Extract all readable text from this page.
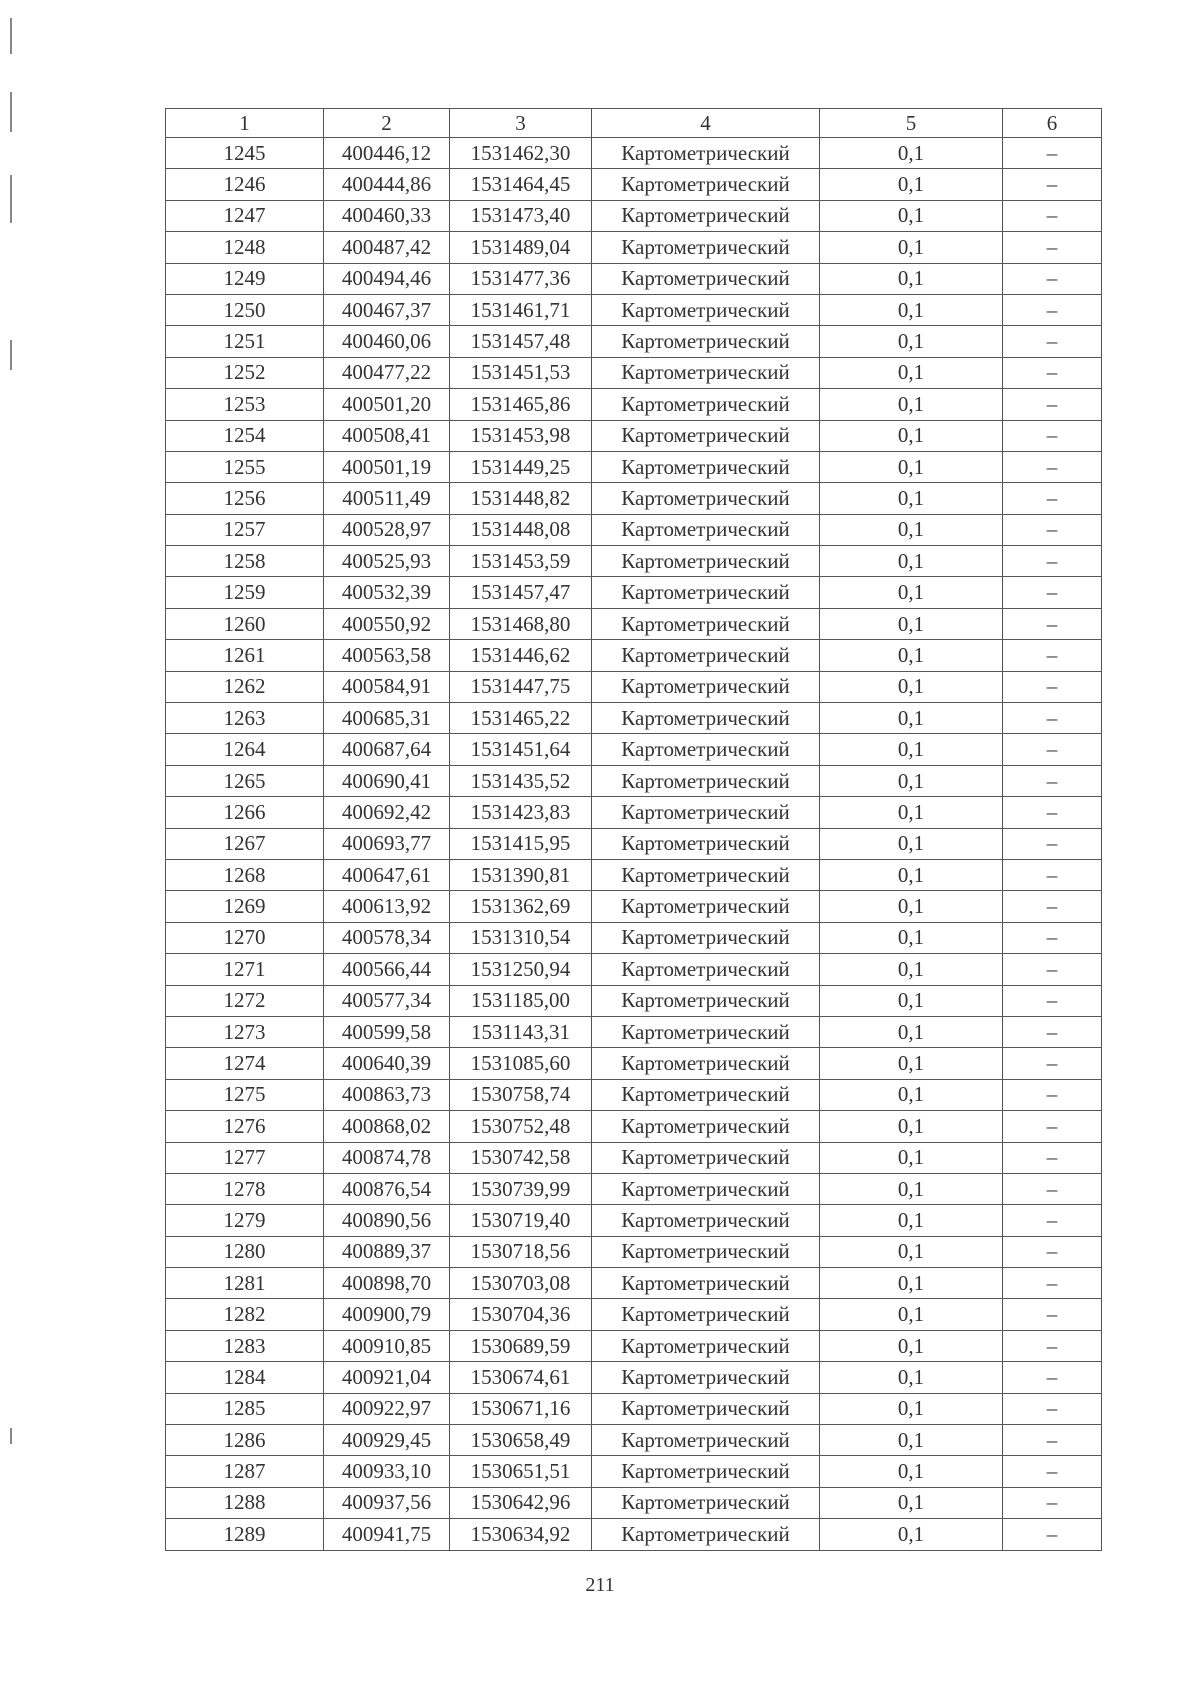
1	2	3	4	5	6
1245	400446,12	1531462,30	Картометрический	0,1	–
1246	400444,86	1531464,45	Картометрический	0,1	–
1247	400460,33	1531473,40	Картометрический	0,1	–
1248	400487,42	1531489,04	Картометрический	0,1	–
1249	400494,46	1531477,36	Картометрический	0,1	–
1250	400467,37	1531461,71	Картометрический	0,1	–
1251	400460,06	1531457,48	Картометрический	0,1	–
1252	400477,22	1531451,53	Картометрический	0,1	–
1253	400501,20	1531465,86	Картометрический	0,1	–
1254	400508,41	1531453,98	Картометрический	0,1	–
1255	400501,19	1531449,25	Картометрический	0,1	–
1256	400511,49	1531448,82	Картометрический	0,1	–
1257	400528,97	1531448,08	Картометрический	0,1	–
1258	400525,93	1531453,59	Картометрический	0,1	–
1259	400532,39	1531457,47	Картометрический	0,1	–
1260	400550,92	1531468,80	Картометрический	0,1	–
1261	400563,58	1531446,62	Картометрический	0,1	–
1262	400584,91	1531447,75	Картометрический	0,1	–
1263	400685,31	1531465,22	Картометрический	0,1	–
1264	400687,64	1531451,64	Картометрический	0,1	–
1265	400690,41	1531435,52	Картометрический	0,1	–
1266	400692,42	1531423,83	Картометрический	0,1	–
1267	400693,77	1531415,95	Картометрический	0,1	–
1268	400647,61	1531390,81	Картометрический	0,1	–
1269	400613,92	1531362,69	Картометрический	0,1	–
1270	400578,34	1531310,54	Картометрический	0,1	–
1271	400566,44	1531250,94	Картометрический	0,1	–
1272	400577,34	1531185,00	Картометрический	0,1	–
1273	400599,58	1531143,31	Картометрический	0,1	–
1274	400640,39	1531085,60	Картометрический	0,1	–
1275	400863,73	1530758,74	Картометрический	0,1	–
1276	400868,02	1530752,48	Картометрический	0,1	–
1277	400874,78	1530742,58	Картометрический	0,1	–
1278	400876,54	1530739,99	Картометрический	0,1	–
1279	400890,56	1530719,40	Картометрический	0,1	–
1280	400889,37	1530718,56	Картометрический	0,1	–
1281	400898,70	1530703,08	Картометрический	0,1	–
1282	400900,79	1530704,36	Картометрический	0,1	–
1283	400910,85	1530689,59	Картометрический	0,1	–
1284	400921,04	1530674,61	Картометрический	0,1	–
1285	400922,97	1530671,16	Картометрический	0,1	–
1286	400929,45	1530658,49	Картометрический	0,1	–
1287	400933,10	1530651,51	Картометрический	0,1	–
1288	400937,56	1530642,96	Картометрический	0,1	–
1289	400941,75	1530634,92	Картометрический	0,1	–
211
